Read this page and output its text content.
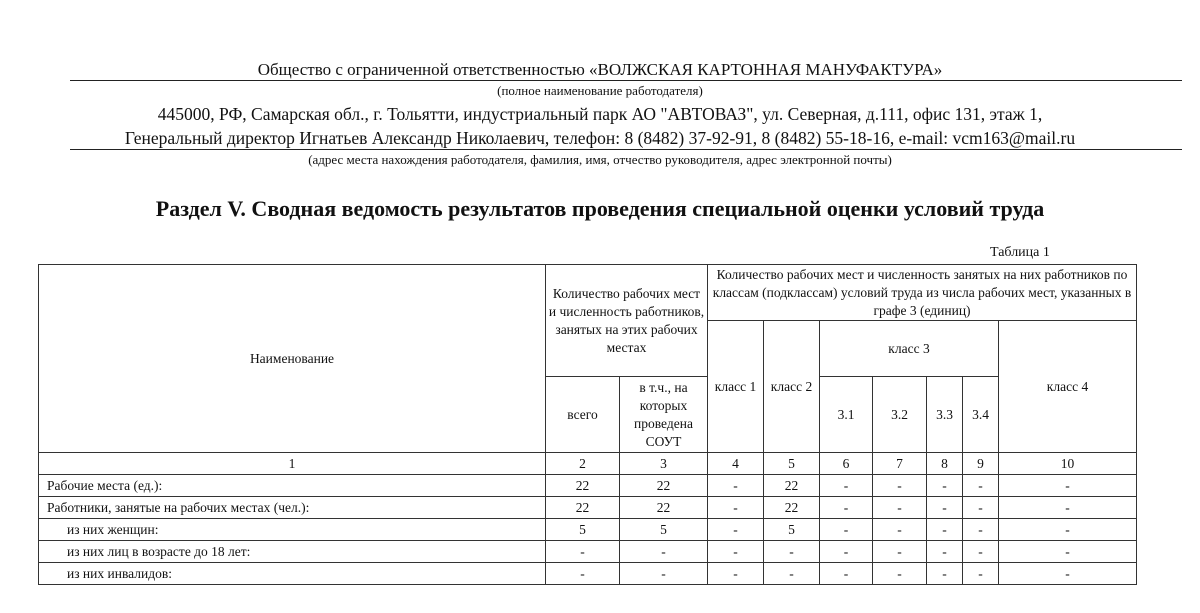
Общество с ограниченной ответственностью «ВОЛЖСКАЯ КАРТОННАЯ МАНУФАКТУРА»
(полное наименование работодателя)
445000, РФ, Самарская обл., г. Тольятти, индустриальный парк АО "АВТОВАЗ", ул. Северная, д.111, офис 131, этаж 1,
Генеральный директор Игнатьев Александр Николаевич, телефон: 8 (8482) 37-92-91, 8 (8482) 55-18-16, e-mail: vcm163@mail.ru
(адрес места нахождения работодателя, фамилия, имя, отчество руководителя, адрес электронной почты)
Раздел V. Сводная ведомость результатов проведения специальной оценки условий труда
Таблица 1
Наименование	Количество рабочих мест и численность работников, занятых на этих рабочих местах		Количество рабочих мест и численность занятых на них работников по классам (подклассам) условий труда из числа рабочих мест, указанных в графе 3 (единиц)						
			класс 1	класс 2	класс 3				класс 4
	всего	в т.ч., на которых проведена СОУТ			3.1	3.2	3.3	3.4	
1	2	3	4	5	6	7	8	9	10
Рабочие места (ед.):	22	22	-	22	-	-	-	-	-
Работники, занятые на рабочих местах (чел.):	22	22	-	22	-	-	-	-	-
из них женщин:	5	5	-	5	-	-	-	-	-
из них лиц в возрасте до 18 лет:	-	-	-	-	-	-	-	-	-
из них инвалидов:	-	-	-	-	-	-	-	-	-
